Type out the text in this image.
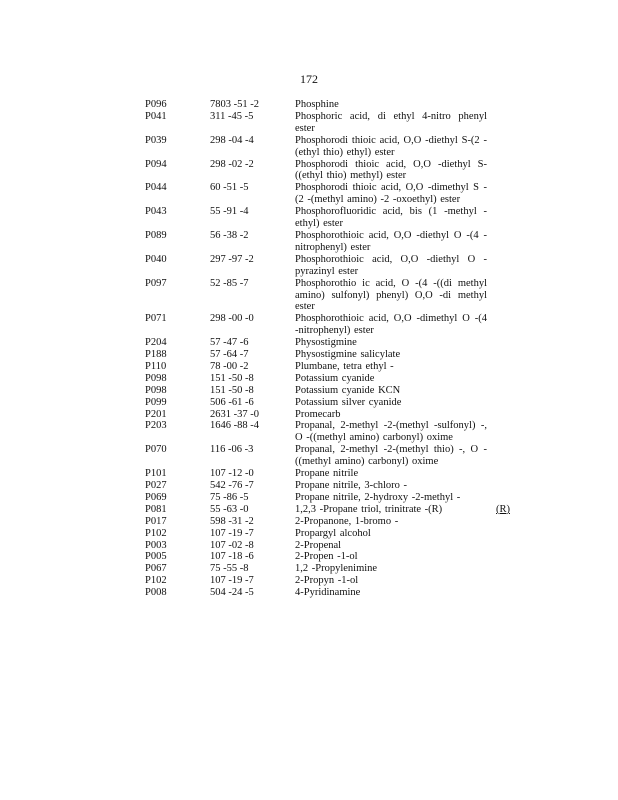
172
P096	7803 -51 -2	Phosphine
P041	311 -45 -5	Phosphoric acid, di ethyl 4-nitro phenyl ester
P039	298 -04 -4	Phosphorodi thioic acid, O,O -diethyl S-(2 -(ethyl thio) ethyl) ester
P094	298 -02 -2	Phosphorodi thioic acid, O,O -diethyl S-((ethyl thio) methyl) ester
P044	60 -51 -5	Phosphorodi thioic acid, O,O -dimethyl S -(2 -(methyl amino) -2 -oxoethyl) ester
P043	55 -91 -4	Phosphorofluoridic acid, bis (1 -methyl -ethyl) ester
P089	56 -38 -2	Phosphorothioic acid, O,O -diethyl O -(4 -nitrophenyl) ester
P040	297 -97 -2	Phosphorothioic acid, O,O -diethyl O -pyrazinyl ester
P097	52 -85 -7	Phosphorothio ic acid, O -(4 -((di methyl amino) sulfonyl) phenyl) O,O -di methyl ester
P071	298 -00 -0	Phosphorothioic acid, O,O -dimethyl O -(4 -nitrophenyl) ester
P204	57 -47 -6	Physostigmine
P188	57 -64 -7	Physostigmine salicylate
P110	78 -00 -2	Plumbane, tetra ethyl -
P098	151 -50 -8	Potassium cyanide
P098	151 -50 -8	Potassium cyanide KCN
P099	506 -61 -6	Potassium silver cyanide
P201	2631 -37 -0	Promecarb
P203	1646 -88 -4	Propanal, 2-methyl -2-(methyl -sulfonyl) -, O -((methyl amino) carbonyl) oxime
P070	116 -06 -3	Propanal, 2-methyl -2-(methyl thio) -, O -((methyl amino) carbonyl) oxime
P101	107 -12 -0	Propane nitrile
P027	542 -76 -7	Propane nitrile, 3-chloro -
P069	75 -86 -5	Propane nitrile, 2-hydroxy -2-methyl -
P081	55 -63 -0	1,2,3 -Propane triol, trinitrate -(R)	(R)
P017	598 -31 -2	2-Propanone, 1-bromo -
P102	107 -19 -7	Propargyl alcohol
P003	107 -02 -8	2-Propenal
P005	107 -18 -6	2-Propen -1-ol
P067	75 -55 -8	1,2 -Propylenimine
P102	107 -19 -7	2-Propyn -1-ol
P008	504 -24 -5	4-Pyridinamine
